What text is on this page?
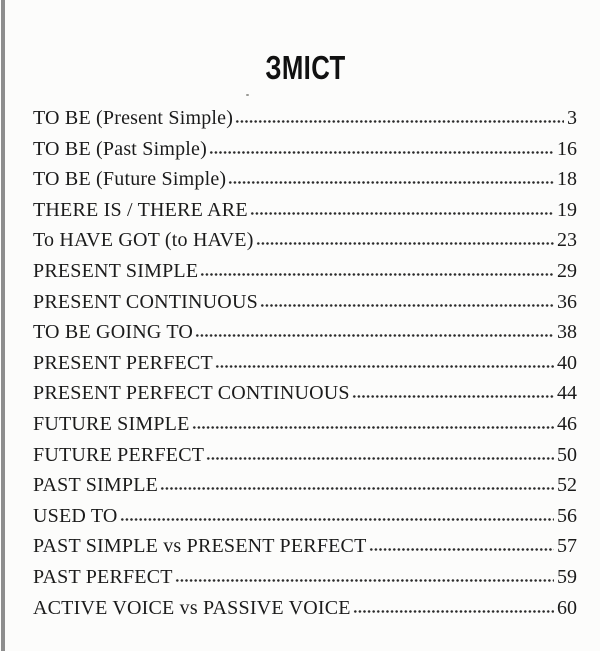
ЗМІСТ
TO BE (Present Simple)	3
TO BE (Past Simple)	16
TO BE (Future Simple)	18
THERE IS / THERE ARE	19
To HAVE GOT (to HAVE)	23
PRESENT SIMPLE	29
PRESENT CONTINUOUS	36
TO BE GOING TO	38
PRESENT PERFECT	40
PRESENT PERFECT CONTINUOUS	44
FUTURE SIMPLE	46
FUTURE PERFECT	50
PAST SIMPLE	52
USED TO	56
PAST SIMPLE vs PRESENT PERFECT	57
PAST PERFECT	59
ACTIVE VOICE vs PASSIVE VOICE	60
